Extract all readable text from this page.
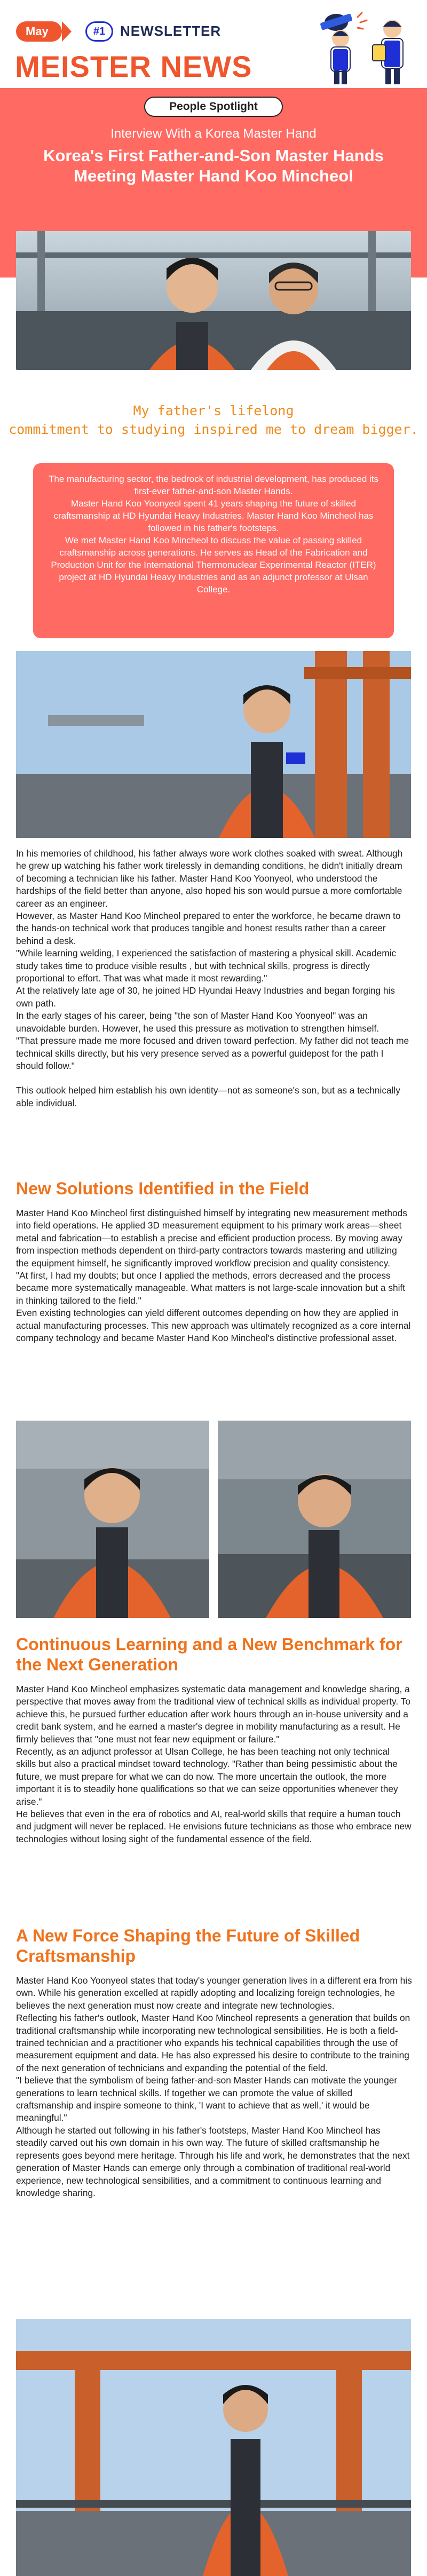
May	#1	NEWSLETTER
MEISTER NEWS
People Spotlight
Interview With a Korea Master Hand
Korea's First Father-and-Son Master Hands Meeting Master Hand Koo Mincheol
My father's lifelong
commitment to studying inspired me to dream bigger.

The manufacturing sector, the bedrock of industrial development, has produced its first-ever father-and-son Master Hands.

Master Hand Koo Yoonyeol spent 41 years shaping the future of skilled craftsmanship at HD Hyundai Heavy Industries. Master Hand Koo Mincheol has followed in his father's footsteps.

We met Master Hand Koo Mincheol to discuss the value of passing skilled craftsmanship across generations. He serves as Head of the Fabrication and Production Unit for the International Thermonuclear Experimental Reactor (ITER) project at HD Hyundai Heavy Industries and as an adjunct professor at Ulsan College.

In his memories of childhood, his father always wore work clothes soaked with sweat. Although he grew up watching his father work tirelessly in demanding conditions, he didn't initially dream of becoming a technician like his father. Master Hand Koo Yoonyeol, who understood the hardships of the field better than anyone, also hoped his son would pursue a more comfortable career as an engineer.

However, as Master Hand Koo Mincheol prepared to enter the workforce, he became drawn to the hands-on technical work that produces tangible and honest results rather than a career behind a desk.

"While learning welding, I experienced the satisfaction of mastering a physical skill. Academic study takes time to produce visible results , but with technical skills, progress is directly proportional to effort. That was what made it most rewarding."

At the relatively late age of 30, he joined HD Hyundai Heavy Industries and began forging his own path.

In the early stages of his career, being "the son of Master Hand Koo Yoonyeol" was an unavoidable burden. However, he used this pressure as motivation to strengthen himself.

"That pressure made me more focused and driven toward perfection. My father did not teach me technical skills directly, but his very presence served as a powerful guidepost for the path I should follow."

This outlook helped him establish his own identity—not as someone's son, but as a technically able individual.

New Solutions Identified in the Field

Master Hand Koo Mincheol first distinguished himself by integrating new measurement methods into field operations. He applied 3D measurement equipment to his primary work areas—sheet metal and fabrication—to establish a precise and efficient production process. By moving away from inspection methods dependent on third-party contractors towards mastering and utilizing the equipment himself, he significantly improved workflow precision and quality consistency.

"At first, I had my doubts; but once I applied the methods, errors decreased and the process became more systematically manageable. What matters is not large-scale innovation but a shift in thinking tailored to the field."

Even existing technologies can yield different outcomes depending on how they are applied in actual manufacturing processes. This new approach was ultimately recognized as a core internal company technology and became Master Hand Koo Mincheol's distinctive professional asset.

Continuous Learning and a New Benchmark for the Next Generation

Master Hand Koo Mincheol emphasizes systematic data management and knowledge sharing, a perspective that moves away from the traditional view of technical skills as individual property. To achieve this, he pursued further education after work hours through an in-house university and a credit bank system, and he earned a master's degree in mobility manufacturing as a result. He firmly believes that "one must not fear new equipment or failure."

Recently, as an adjunct professor at Ulsan College, he has been teaching not only technical skills but also a practical mindset toward technology. "Rather than being pessimistic about the future, we must prepare for what we can do now. The more uncertain the outlook, the more important it is to steadily hone qualifications so that we can seize opportunities whenever they arise."

He believes that even in the era of robotics and AI, real-world skills that require a human touch and judgment will never be replaced. He envisions future technicians as those who embrace new technologies without losing sight of the fundamental essence of the field.

A New Force Shaping the Future of Skilled Craftsmanship

Master Hand Koo Yoonyeol states that today's younger generation lives in a different era from his own. While his generation excelled at rapidly adopting and localizing foreign technologies, he believes the next generation must now create and integrate new technologies.

Reflecting his father's outlook, Master Hand Koo Mincheol represents a generation that builds on traditional craftsmanship while incorporating new technological sensibilities. He is both a field-trained technician and a practitioner who expands his technical capabilities through the use of measurement equipment and data. He has also expressed his desire to contribute to the training of the next generation of technicians and expanding the potential of the field.

"I believe that the symbolism of being father-and-son Master Hands can motivate the younger generations to learn technical skills. If together we can promote the value of skilled craftsmanship and inspire someone to think, 'I want to achieve that as well,' it would be meaningful."

Although he started out following in his father's footsteps, Master Hand Koo Mincheol has steadily carved out his own domain in his own way. The future of skilled craftsmanship he represents goes beyond mere heritage. Through his life and work, he demonstrates that the next generation of Master Hands can emerge only through a combination of traditional real-world experience, new technological sensibilities, and a commitment to continuous learning and knowledge sharing.
